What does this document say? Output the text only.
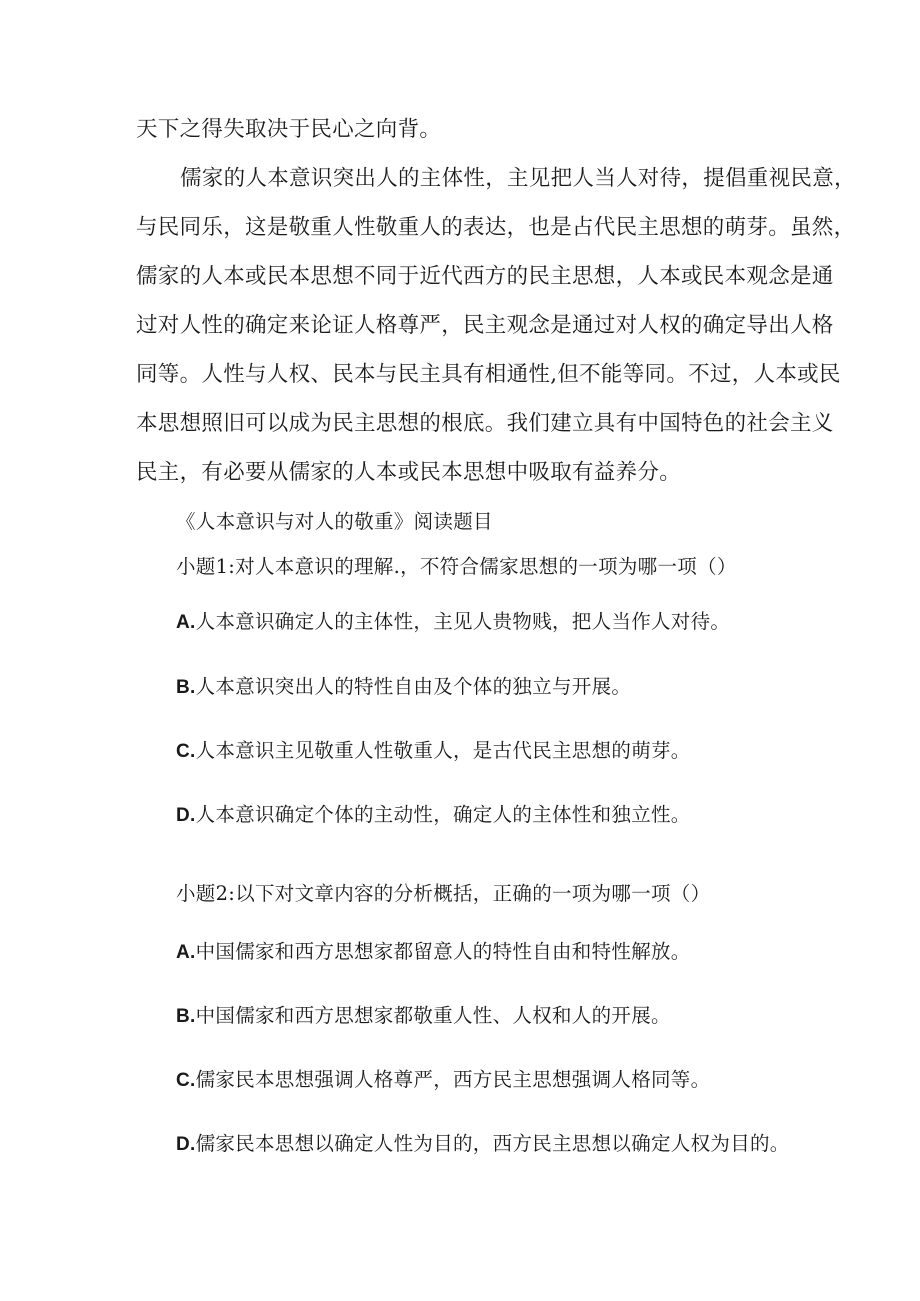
天下之得失取决于民心之向背。
儒家的人本意识突出人的主体性，主见把人当人对待，提倡重视民意，
与民同乐，这是敬重人性敬重人的表达，也是占代民主思想的萌芽。虽然，
儒家的人本或民本思想不同于近代西方的民主思想，人本或民本观念是通
过对人性的确定来论证人格尊严，民主观念是通过对人权的确定导出人格
同等。人性与人权、民本与民主具有相通性,但不能等同。不过，人本或民
本思想照旧可以成为民主思想的根底。我们建立具有中国特色的社会主义
民主，有必要从儒家的人本或民本思想中吸取有益养分。
《人本意识与对人的敬重》阅读题目
小题1:对人本意识的理解.，不符合儒家思想的一项为哪一项（）
A.人本意识确定人的主体性，主见人贵物贱，把人当作人对待。
B.人本意识突出人的特性自由及个体的独立与开展。
C.人本意识主见敬重人性敬重人，是古代民主思想的萌芽。
D.人本意识确定个体的主动性，确定人的主体性和独立性。
小题2:以下对文章内容的分析概括，正确的一项为哪一项（）
A.中国儒家和西方思想家都留意人的特性自由和特性解放。
B.中国儒家和西方思想家都敬重人性、人权和人的开展。
C.儒家民本思想强调人格尊严，西方民主思想强调人格同等。
D.儒家民本思想以确定人性为目的，西方民主思想以确定人权为目的。
